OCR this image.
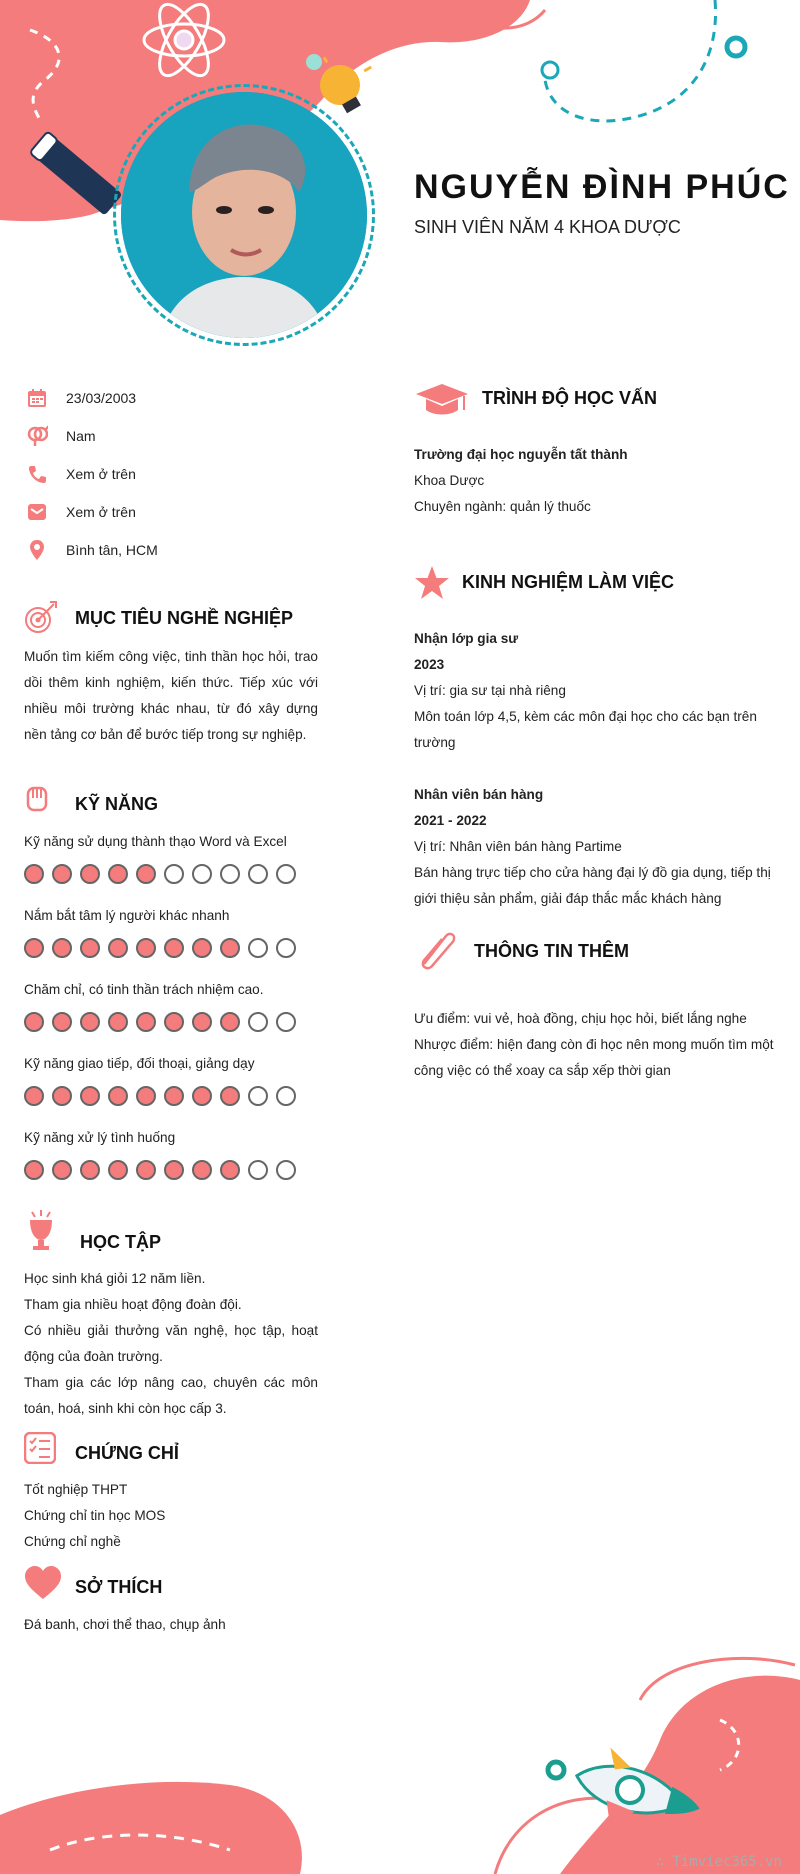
NGUYỄN ĐÌNH PHÚC
SINH VIÊN NĂM 4 KHOA DƯỢC
23/03/2003
Nam
Xem ở trên
Xem ở trên
Bình tân, HCM
MỤC TIÊU NGHỀ NGHIỆP
Muốn tìm kiếm công việc, tinh thần học hỏi, trao dồi thêm kinh nghiệm, kiến thức. Tiếp xúc với nhiều môi trường khác nhau, từ đó xây dựng nền tảng cơ bản để bước tiếp trong sự nghiệp.
KỸ NĂNG
Kỹ năng sử dụng thành thạo Word và Excel
Nắm bắt tâm lý người khác nhanh
Chăm chỉ, có tinh thần trách nhiệm cao.
Kỹ năng giao tiếp, đối thoại, giảng dạy
Kỹ năng xử lý tình huống
HỌC TẬP
Học sinh khá giỏi 12 năm liền.
Tham gia nhiều hoạt động đoàn đội.
Có nhiều giải thưởng văn nghệ, học tập, hoạt động của đoàn trường.
Tham gia các lớp nâng cao, chuyên các môn toán, hoá, sinh khi còn học cấp 3.
CHỨNG CHỈ
Tốt nghiệp THPT
Chứng chỉ tin học MOS
Chứng chỉ nghề
SỞ THÍCH
Đá banh, chơi thể thao, chụp ảnh
TRÌNH ĐỘ HỌC VẤN
Trường đại học nguyễn tất thành
Khoa Dược
Chuyên ngành: quản lý thuốc
KINH NGHIỆM LÀM VIỆC
Nhận lớp gia sư
2023
Vị trí: gia sư tại nhà riêng
Môn toán lớp 4,5, kèm các môn đại học cho các bạn trên trường
Nhân viên bán hàng
2021 - 2022
Vị trí: Nhân viên bán hàng Partime
Bán hàng trực tiếp cho cửa hàng đại lý đồ gia dụng, tiếp thị giới thiệu sản phẩm, giải đáp thắc mắc khách hàng
THÔNG TIN THÊM
Ưu điểm: vui vẻ, hoà đồng, chịu học hỏi, biết lắng nghe
Nhược điểm: hiện đang còn đi học nên mong muốn tìm một công việc có thể xoay ca sắp xếp thời gian
∴ Timviec365.vn
